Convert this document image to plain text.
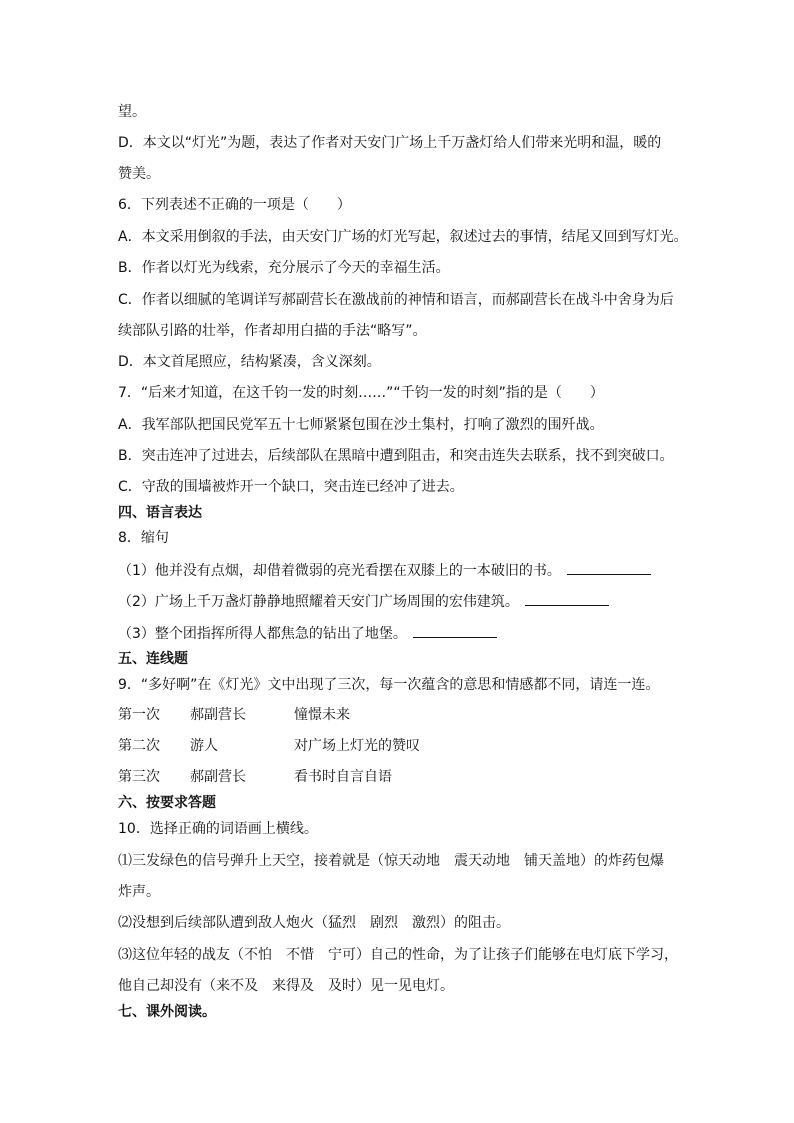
望。
D．本文以“灯光”为题，表达了作者对天安门广场上千万盏灯给人们带来光明和温，暖的
赞美。
6．下列表述不正确的一项是（　　）
A．本文采用倒叙的手法，由天安门广场的灯光写起，叙述过去的事情，结尾又回到写灯光。
B．作者以灯光为线索，充分展示了今天的幸福生活。
C．作者以细腻的笔调详写郝副营长在激战前的神情和语言，而郝副营长在战斗中舍身为后
续部队引路的壮举，作者却用白描的手法“略写”。
D．本文首尾照应，结构紧凑，含义深刻。
7．“后来才知道，在这千钧一发的时刻……”“千钧一发的时刻”指的是（　　）
A．我军部队把国民党军五十七师紧紧包围在沙土集村，打响了激烈的围歼战。
B．突击连冲了过进去，后续部队在黑暗中遭到阻击，和突击连失去联系，找不到突破口。
C．守敌的围墙被炸开一个缺口，突击连已经冲了进去。
四、语言表达
8．缩句
（1）他并没有点烟，却借着微弱的亮光看摆在双膝上的一本破旧的书。
（2）广场上千万盏灯静静地照耀着天安门广场周围的宏伟建筑。
（3）整个团指挥所得人都焦急的钻出了地堡。
五、连线题
9．“多好啊”在《灯光》文中出现了三次，每一次蕴含的意思和情感都不同，请连一连。
第一次 郝副营长	憧憬未来
第二次 游人	对广场上灯光的赞叹
第三次 郝副营长	看书时自言自语
六、按要求答题
10．选择正确的词语画上横线。
⑴三发绿色的信号弹升上天空，接着就是（惊天动地　震天动地　铺天盖地）的炸药包爆
炸声。
⑵没想到后续部队遭到敌人炮火（猛烈　剧烈　激烈）的阻击。
⑶这位年轻的战友（不怕　不惜　宁可）自己的性命，为了让孩子们能够在电灯底下学习，
他自己却没有（来不及　来得及　及时）见一见电灯。
七、课外阅读。
